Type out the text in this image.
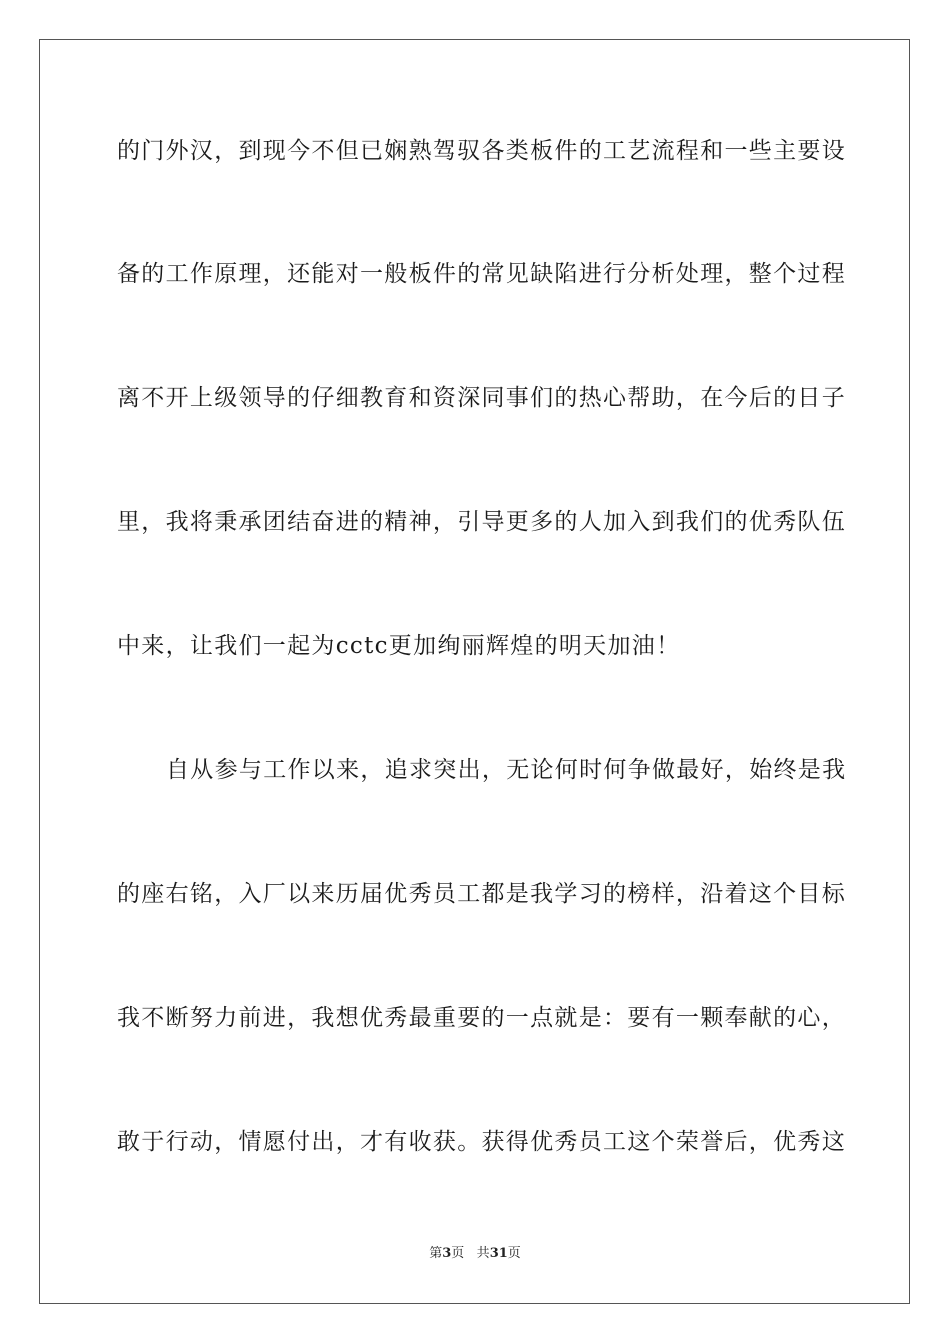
的门外汉，到现今不但已娴熟驾驭各类板件的工艺流程和一些主要设
备的工作原理，还能对一般板件的常见缺陷进行分析处理，整个过程
离不开上级领导的仔细教育和资深同事们的热心帮助，在今后的日子
里，我将秉承团结奋进的精神，引导更多的人加入到我们的优秀队伍
中来，让我们一起为cctc更加绚丽辉煌的明天加油！
自从参与工作以来，追求突出，无论何时何争做最好，始终是我
的座右铭，入厂以来历届优秀员工都是我学习的榜样，沿着这个目标
我不断努力前进，我想优秀最重要的一点就是：要有一颗奉献的心，
敢于行动，情愿付出，才有收获。获得优秀员工这个荣誉后，优秀这
第3页 共31页
